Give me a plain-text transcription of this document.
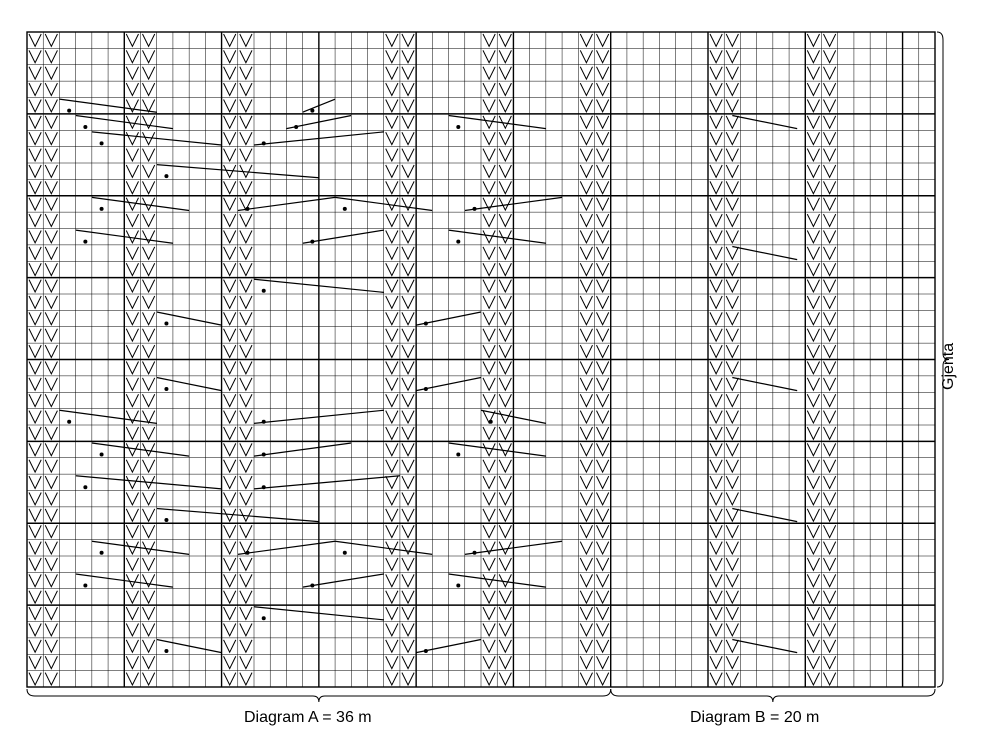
Diagram A = 36 m	Diagram B = 20 m
Gjenta
